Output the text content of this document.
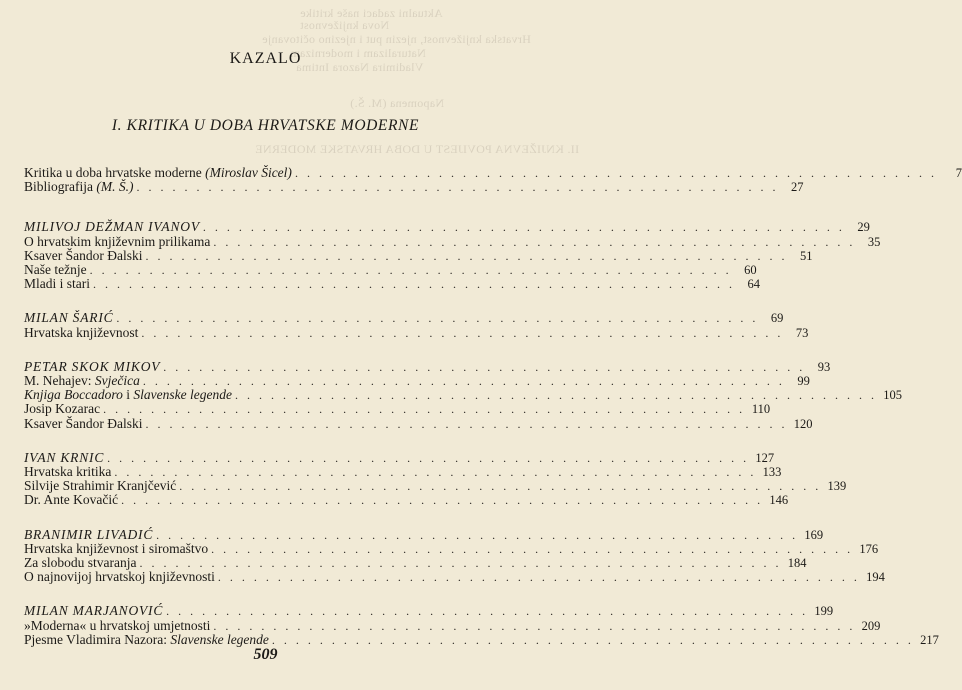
Aktualni zadaci naše kritike
Nova književnost
Hrvatska književnost, njezin put i njezino očitovanje
Naturalizam i modernizam
Vladimira Nazora Intima
Napomena (M. Š.)
II. KNJIŽEVNA POVIJEST U DOBA HRVATSKE MODERNE
KAZALO
I. KRITIKA U DOBA HRVATSKE MODERNE
Kritika u doba hrvatske moderne (Miroslav Šicel) . . . . . . . . . . . . . . . . . . . . . . . . . . . . . . . . . . . . . . . . . . . . . . . . . . . . . .	7
Bibliografija (M. Š.) . . . . . . . . . . . . . . . . . . . . . . . . . . . . . . . . . . . . . . . . . . . . . . . . . . . . . .	27
MILIVOJ DEŽMAN IVANOV . . . . . . . . . . . . . . . . . . . . . . . . . . . . . . . . . . . . . . . . . . . . . . . . . . . . . .	29
O hrvatskim književnim prilikama . . . . . . . . . . . . . . . . . . . . . . . . . . . . . . . . . . . . . . . . . . . . . . . . . . . . . .	35
Ksaver Šandor Đalski . . . . . . . . . . . . . . . . . . . . . . . . . . . . . . . . . . . . . . . . . . . . . . . . . . . . . .	51
Naše težnje . . . . . . . . . . . . . . . . . . . . . . . . . . . . . . . . . . . . . . . . . . . . . . . . . . . . . .	60
Mladi i stari . . . . . . . . . . . . . . . . . . . . . . . . . . . . . . . . . . . . . . . . . . . . . . . . . . . . . .	64
MILAN ŠARIĆ . . . . . . . . . . . . . . . . . . . . . . . . . . . . . . . . . . . . . . . . . . . . . . . . . . . . . .	69
Hrvatska književnost . . . . . . . . . . . . . . . . . . . . . . . . . . . . . . . . . . . . . . . . . . . . . . . . . . . . . .	73
PETAR SKOK MIKOV . . . . . . . . . . . . . . . . . . . . . . . . . . . . . . . . . . . . . . . . . . . . . . . . . . . . . .	93
M. Nehajev: Svječica . . . . . . . . . . . . . . . . . . . . . . . . . . . . . . . . . . . . . . . . . . . . . . . . . . . . . .	99
Knjiga Boccadoro i Slavenske legende . . . . . . . . . . . . . . . . . . . . . . . . . . . . . . . . . . . . . . . . . . . . . . . . . . . . . . 105
Josip Kozarac . . . . . . . . . . . . . . . . . . . . . . . . . . . . . . . . . . . . . . . . . . . . . . . . . . . . . . 110
Ksaver Šandor Đalski . . . . . . . . . . . . . . . . . . . . . . . . . . . . . . . . . . . . . . . . . . . . . . . . . . . . . . 120
IVAN KRNIC . . . . . . . . . . . . . . . . . . . . . . . . . . . . . . . . . . . . . . . . . . . . . . . . . . . . . . 127
Hrvatska kritika . . . . . . . . . . . . . . . . . . . . . . . . . . . . . . . . . . . . . . . . . . . . . . . . . . . . . . 133
Silvije Strahimir Kranjčević . . . . . . . . . . . . . . . . . . . . . . . . . . . . . . . . . . . . . . . . . . . . . . . . . . . . . . 139
Dr. Ante Kovačić . . . . . . . . . . . . . . . . . . . . . . . . . . . . . . . . . . . . . . . . . . . . . . . . . . . . . . 146
BRANIMIR LIVADIĆ . . . . . . . . . . . . . . . . . . . . . . . . . . . . . . . . . . . . . . . . . . . . . . . . . . . . . . 169
Hrvatska književnost i siromaštvo . . . . . . . . . . . . . . . . . . . . . . . . . . . . . . . . . . . . . . . . . . . . . . . . . . . . . . 176
Za slobodu stvaranja . . . . . . . . . . . . . . . . . . . . . . . . . . . . . . . . . . . . . . . . . . . . . . . . . . . . . . 184
O najnovijoj hrvatskoj književnosti . . . . . . . . . . . . . . . . . . . . . . . . . . . . . . . . . . . . . . . . . . . . . . . . . . . . . . 194
MILAN MARJANOVIĆ . . . . . . . . . . . . . . . . . . . . . . . . . . . . . . . . . . . . . . . . . . . . . . . . . . . . . . 199
»Moderna« u hrvatskoj umjetnosti . . . . . . . . . . . . . . . . . . . . . . . . . . . . . . . . . . . . . . . . . . . . . . . . . . . . . . 209
Pjesme Vladimira Nazora: Slavenske legende . . . . . . . . . . . . . . . . . . . . . . . . . . . . . . . . . . . . . . . . . . . . . . . . . . . . . . 217
509
